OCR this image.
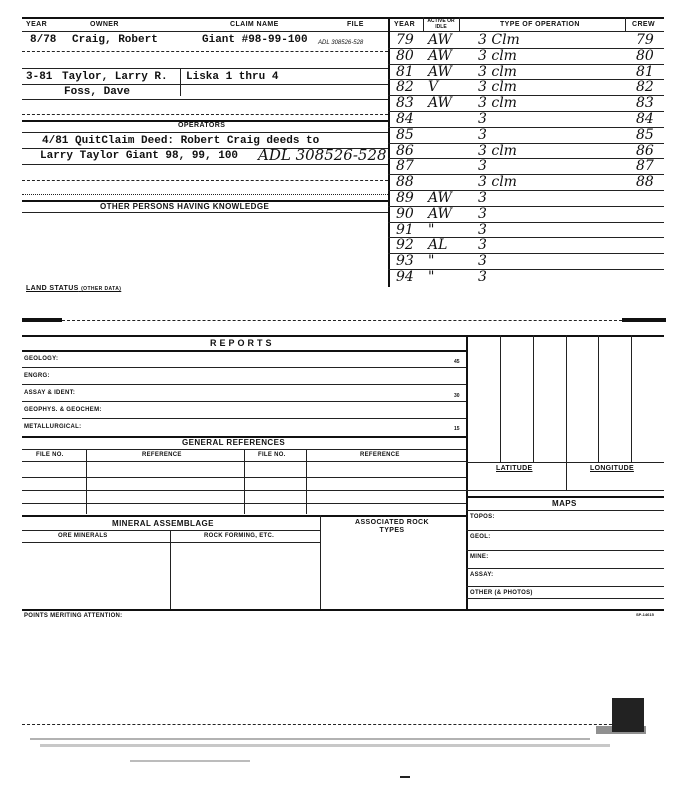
YEAR	OWNER	CLAIM NAME	FILE	YEAR ACTIVE OR IDLE	TYPE OF OPERATION	CREW
8/78 Craig, Robert	Giant #98-99-100 ADL 308526-528
3-81 Taylor, Larry R. Liska 1 thru 4
Foss, Dave
OPERATORS
4/81 QuitClaim Deed: Robert Craig deeds to
Larry Taylor Giant 98, 99, 100 ADL 308526-528
OTHER PERSONS HAVING KNOWLEDGE
79 AW 3 Clm	79
80 AW 3 clm	80
81 AW 3 clm	81
82 V	3 clm	82
83 AW 3 clm	83
84	3	84
85	3	85
86	3 clm	86
87	3	87
88	3 clm	88
89 AW 3
90 AW 3
91 "	3
92 AL 3
93 "	3
94 "	3
LAND STATUS (OTHER DATA)
REPORTS
GEOLOGY:
ENGRG:
ASSAY & IDENT:
GEOPHYS. & GEOCHEM:
METALLURGICAL:
45
30
15
GENERAL REFERENCES
FILE NO.	REFERENCE	FILE NO.	REFERENCE
MINERAL ASSEMBLAGE	ASSOCIATED ROCK TYPES
ORE MINERALS	ROCK FORMING, ETC.
LATITUDE	LONGITUDE
MAPS
TOPOS:
GEOL:
MINE:
ASSAY:
OTHER (& PHOTOS)
POINTS MERITING ATTENTION:	SP-14615
